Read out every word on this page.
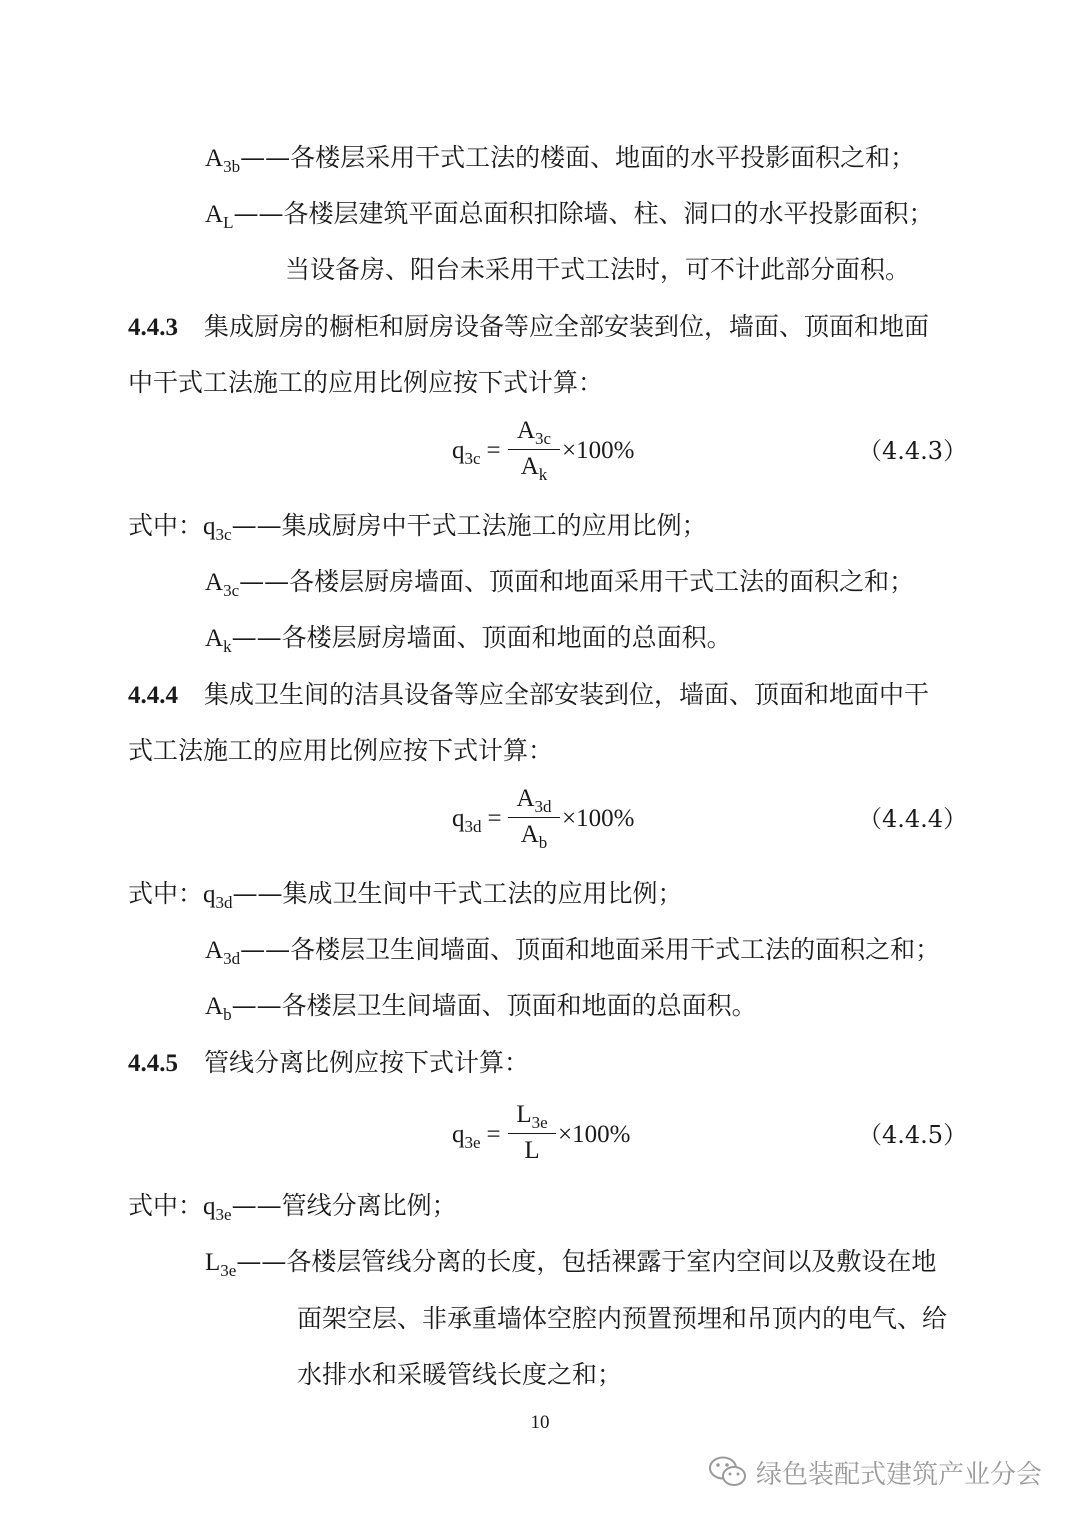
$A_{3b}——$各楼层采用干式工法的楼面、地面的水平投影面积之和；
$A_L——$各楼层建筑平面总面积扣除墙、柱、洞口的水平投影面积；
当设备房、阳台未采用干式工法时，可不计此部分面积。
4.4.3 集成厨房的橱柜和厨房设备等应全部安装到位，墙面、顶面和地面
中干式工法施工的应用比例应按下式计算：
$q_{3c}$ =
$A_{3c}$
$A_k$
×100%	（4.4.3）
式中：$q_{3c}——$集成厨房中干式工法施工的应用比例；
$A_{3c}——$各楼层厨房墙面、顶面和地面采用干式工法的面积之和；
$A_k——$各楼层厨房墙面、顶面和地面的总面积。
4.4.4 集成卫生间的洁具设备等应全部安装到位，墙面、顶面和地面中干
式工法施工的应用比例应按下式计算：
$q_{3d}$ =
$A_{3d}$
$A_b$
×100%	（4.4.4）
式中：$q_{3d}——$集成卫生间中干式工法的应用比例；
$A_{3d}——$各楼层卫生间墙面、顶面和地面采用干式工法的面积之和；
$A_b——$各楼层卫生间墙面、顶面和地面的总面积。
4.4.5 管线分离比例应按下式计算：
$q_{3e}$ =
$L_{3e}$
L
×100%	（4.4.5）
式中：$q_{3e}——$管线分离比例；
$L_{3e}——$各楼层管线分离的长度，包括裸露于室内空间以及敷设在地
面架空层、非承重墙体空腔内预置预埋和吊顶内的电气、给
水排水和采暖管线长度之和；
10
绿色装配式建筑产业分会
